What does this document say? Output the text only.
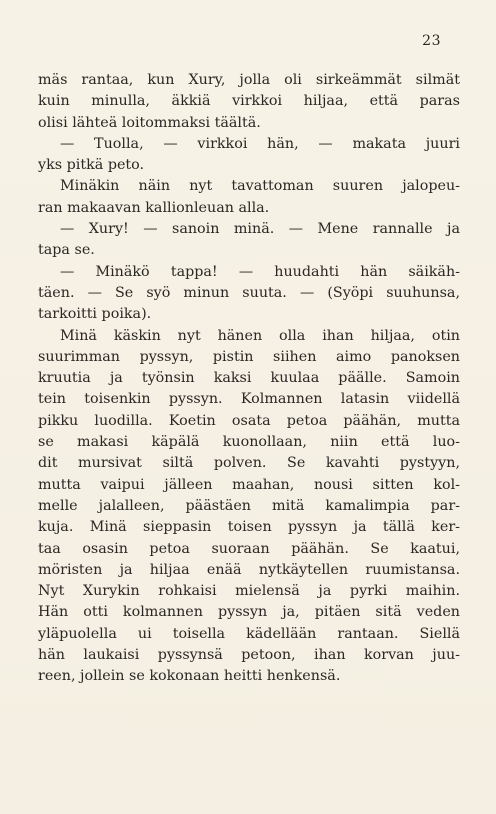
23
mäs rantaa, kun Xury, jolla oli sirkeämmät silmät
kuin minulla, äkkiä virkkoi hiljaa, että paras
olisi lähteä loitommaksi täältä.
— Tuolla, — virkkoi hän, — makata juuri
yks pitkä peto.
Minäkin näin nyt tavattoman suuren jalopeu-
ran makaavan kallionleuan alla.
— Xury! — sanoin minä. — Mene rannalle ja
tapa se.
— Minäkö tappa! — huudahti hän säikäh-
täen. — Se syö minun suuta. — (Syöpi suuhunsa,
tarkoitti poika).
Minä käskin nyt hänen olla ihan hiljaa, otin
suurimman pyssyn, pistin siihen aimo panoksen
kruutia ja työnsin kaksi kuulaa päälle. Samoin
tein toisenkin pyssyn. Kolmannen latasin viidellä
pikku luodilla. Koetin osata petoa päähän, mutta
se makasi käpälä kuonollaan, niin että luo-
dit mursivat siltä polven. Se kavahti pystyyn,
mutta vaipui jälleen maahan, nousi sitten kol-
melle jalalleen, päästäen mitä kamalimpia par-
kuja. Minä sieppasin toisen pyssyn ja tällä ker-
taa osasin petoa suoraan päähän. Se kaatui,
möristen ja hiljaa enää nytkäytellen ruumistansa.
Nyt Xurykin rohkaisi mielensä ja pyrki maihin.
Hän otti kolmannen pyssyn ja, pitäen sitä veden
yläpuolella ui toisella kädellään rantaan. Siellä
hän laukaisi pyssynsä petoon, ihan korvan juu-
reen, jollein se kokonaan heitti henkensä.
